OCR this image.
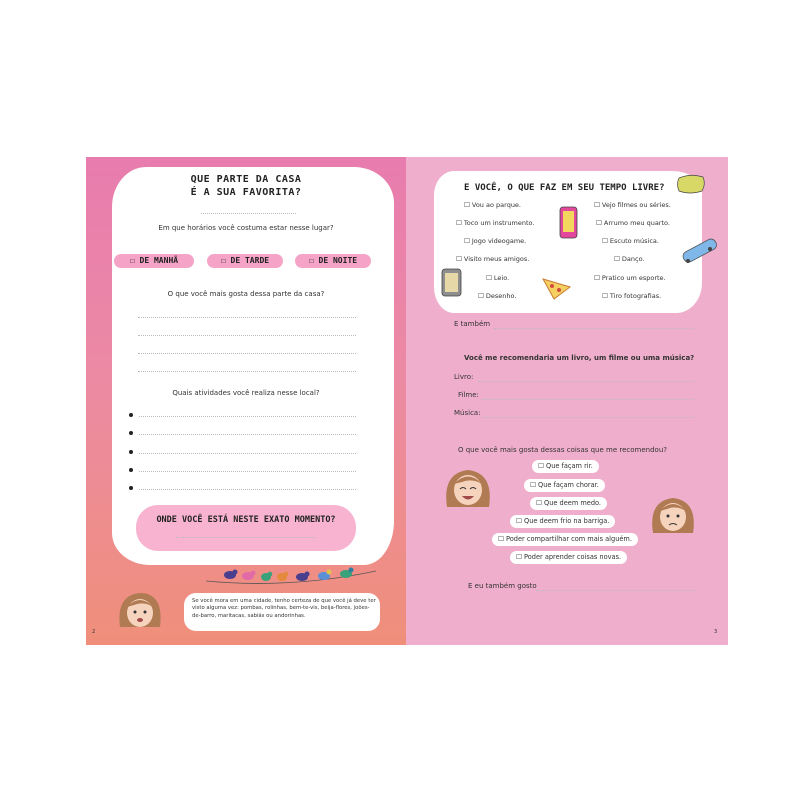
QUE PARTE DA CASA
É A SUA FAVORITA?
Em que horários você costuma estar nesse lugar?
☐ DE MANHÃ	☐ DE TARDE	☐ DE NOITE
O que você mais gosta dessa parte da casa?
Quais atividades você realiza nesse local?
ONDE VOCÊ ESTÁ NESTE EXATO MOMENTO?
Se você mora em uma cidade, tenho certeza de que você já deve ter visto alguma vez: pombas, rolinhas, bem-te-vis, beija-flores, joões-de-barro, maritacas, sabiás ou andorinhas.
2
E VOCÊ, O QUE FAZ EM SEU TEMPO LIVRE?
☐ Vou ao parque.	☐ Vejo filmes ou séries.
☐ Toco um instrumento.	☐ Arrumo meu quarto.
☐ Jogo videogame.	☐ Escuto música.
☐ Visito meus amigos.	☐ Danço.
☐ Leio.	☐ Pratico um esporte.
☐ Desenho.	☐ Tiro fotografias.
E também
Você me recomendaria um livro, um filme ou uma música?
Livro:
Filme:
Música:
O que você mais gosta dessas coisas que me recomendou?
☐ Que façam rir.
☐ Que façam chorar.
☐ Que deem medo.
☐ Que deem frio na barriga.
☐ Poder compartilhar com mais alguém.
☐ Poder aprender coisas novas.
E eu também gosto
3
